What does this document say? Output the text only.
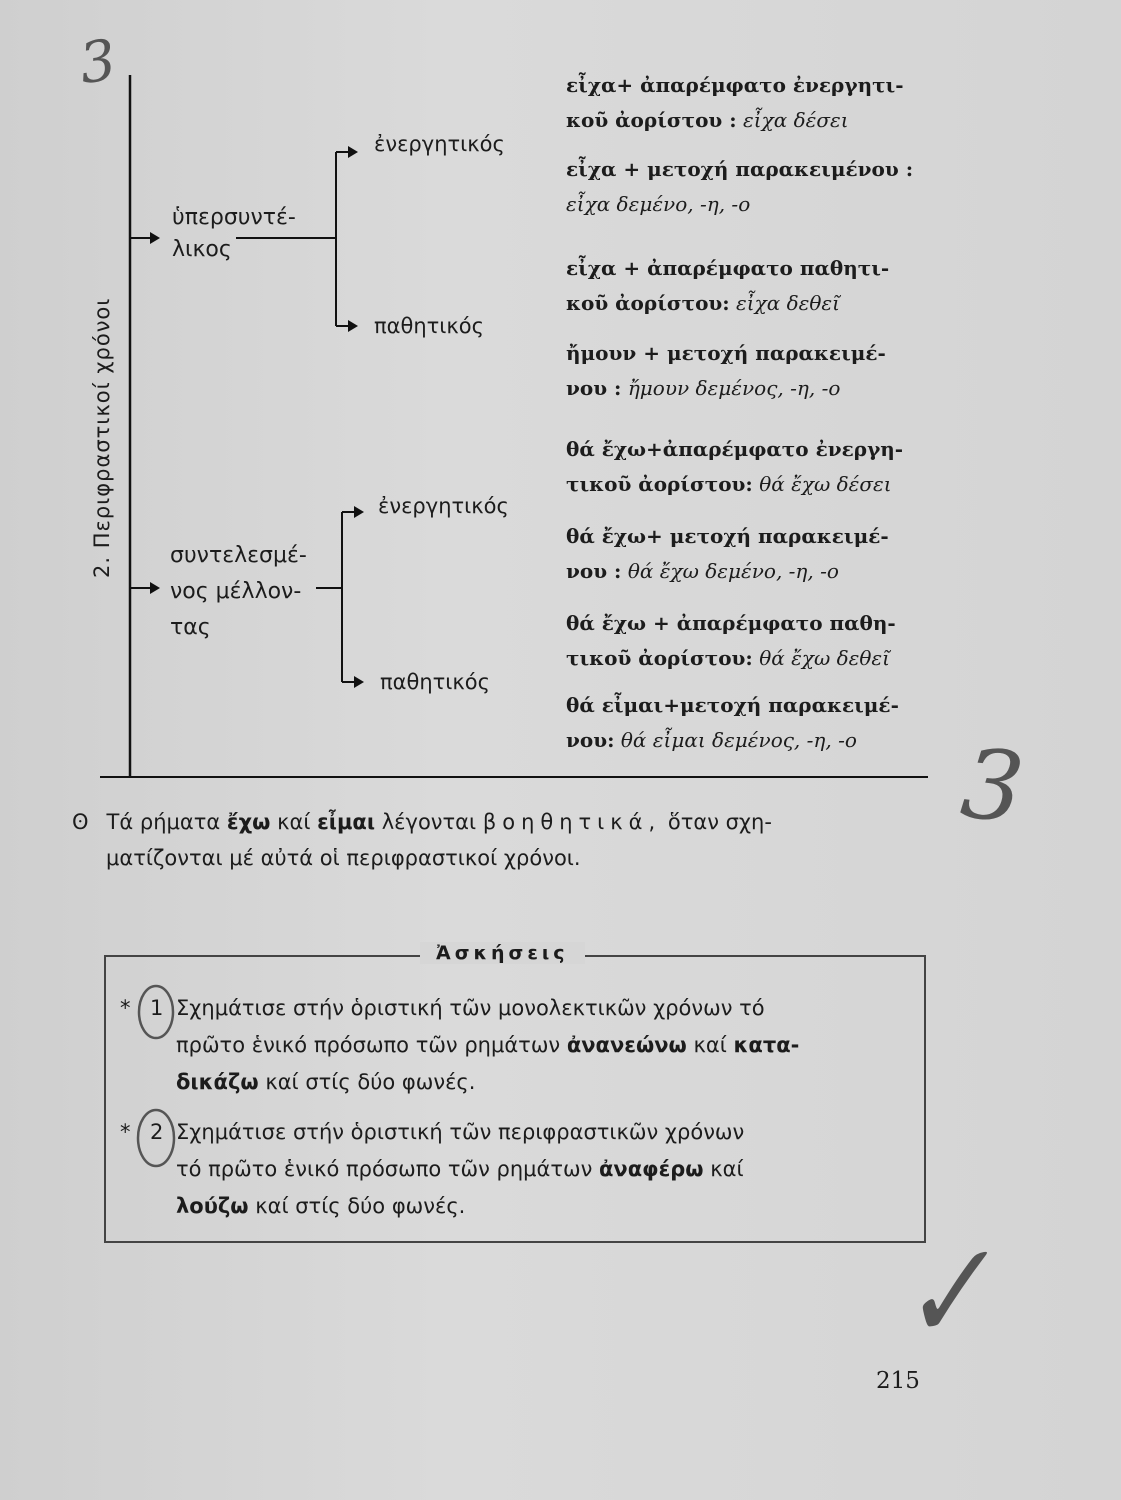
3
3
✓
2. Περιφραστικοί χρόνοι
ὑπερσυντέ-
λικος
ἐνεργητικός
παθητικός
συντελεσμέ-
νος μέλλον-
τας
ἐνεργητικός
παθητικός
εἶχα+ ἀπαρέμφατο ἐνεργητι-
κοῦ ἀορίστου : εἶχα δέσει
εἶχα + μετοχή παρακειμένου :
εἶχα δεμένο, -η, -ο
εἶχα + ἀπαρέμφατο παθητι-
κοῦ ἀορίστου: εἶχα δεθεῖ
ἤμουν + μετοχή παρακειμέ-
νου : ἤμουν δεμένος, -η, -ο
θά ἔχω+ἀπαρέμφατο ἐνεργη-
τικοῦ ἀορίστου: θά ἔχω δέσει
θά ἔχω+ μετοχή παρακειμέ-
νου : θά ἔχω δεμένο, -η, -ο
θά ἔχω + ἀπαρέμφατο παθη-
τικοῦ ἀορίστου: θά ἔχω δεθεῖ
θά εἶμαι+μετοχή παρακειμέ-
νου: θά εἶμαι δεμένος, -η, -ο
ʘ Τά ρήματα ἔχω καί εἶμαι λέγονται βοηθητικά, ὅταν σχη-
ματίζονται μέ αὐτά οἱ περιφραστικοί χρόνοι.
Ἀσκήσεις
* 1 Σχημάτισε στήν ὁριστική τῶν μονολεκτικῶν χρόνων τό
πρῶτο ἑνικό πρόσωπο τῶν ρημάτων ἀνανεώνω καί κατα-
δικάζω καί στίς δύο φωνές.
* 2 Σχημάτισε στήν ὁριστική τῶν περιφραστικῶν χρόνων
τό πρῶτο ἑνικό πρόσωπο τῶν ρημάτων ἀναφέρω καί
λούζω καί στίς δύο φωνές.
215
